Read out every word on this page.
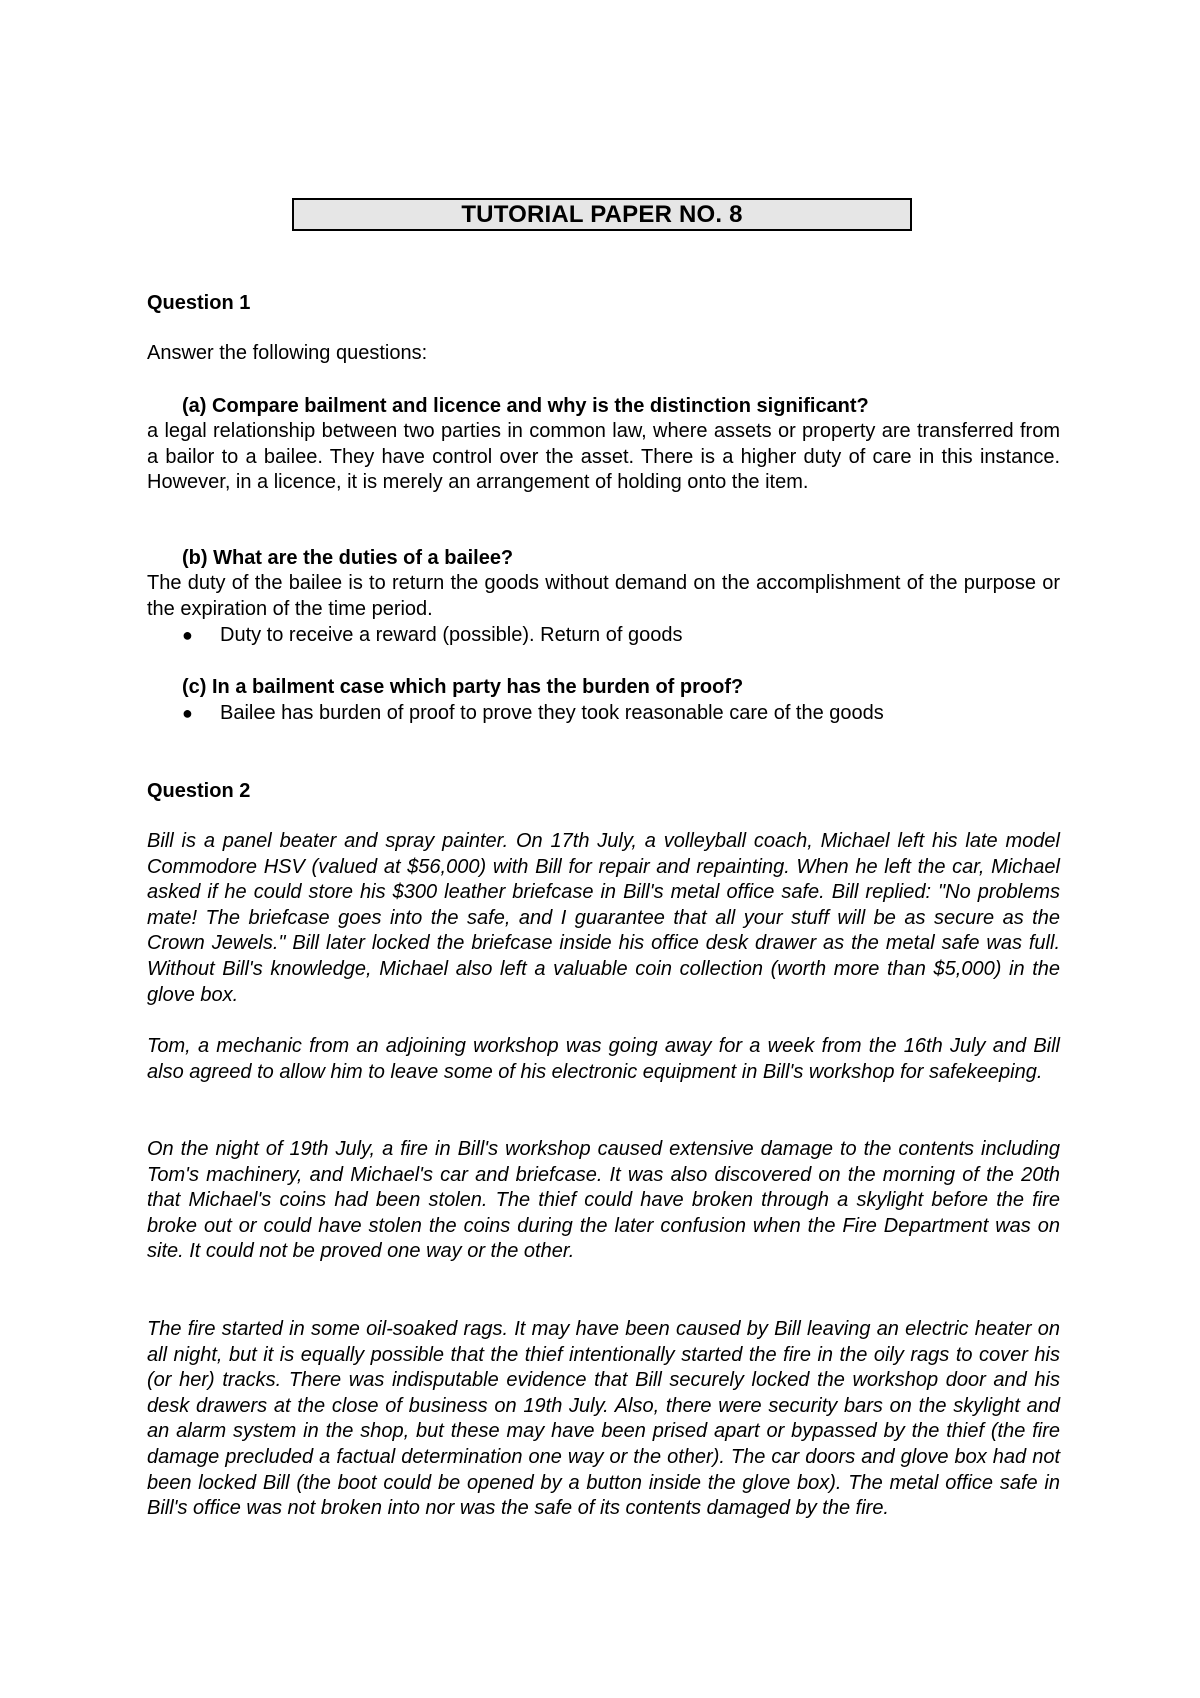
TUTORIAL PAPER NO. 8
Question 1
Answer the following questions:
(a) Compare bailment and licence and why is the distinction significant?

a legal relationship between two parties in common law, where assets or property are transferred from a bailor to a bailee. They have control over the asset. There is a higher duty of care in this instance. However, in a licence, it is merely an arrangement of holding onto the item.

(b) What are the duties of a bailee?

The duty of the bailee is to return the goods without demand on the accomplishment of the purpose or the expiration of the time period.

●	Duty to receive a reward (possible). Return of goods
(c) In a bailment case which party has the burden of proof?
●	Bailee has burden of proof to prove they took reasonable care of the goods
Question 2

Bill is a panel beater and spray painter. On 17th July, a volleyball coach, Michael left his late model Commodore HSV (valued at $56,000) with Bill for repair and repainting. When he left the car, Michael asked if he could store his $300 leather briefcase in Bill's metal office safe. Bill replied: "No problems mate! The briefcase goes into the safe, and I guarantee that all your stuff will be as secure as the Crown Jewels." Bill later locked the briefcase inside his office desk drawer as the metal safe was full. Without Bill's knowledge, Michael also left a valuable coin collection (worth more than $5,000) in the glove box.

Tom, a mechanic from an adjoining workshop was going away for a week from the 16th July and Bill also agreed to allow him to leave some of his electronic equipment in Bill's workshop for safekeeping.

On the night of 19th July, a fire in Bill's workshop caused extensive damage to the contents including Tom's machinery, and Michael's car and briefcase. It was also discovered on the morning of the 20th that Michael's coins had been stolen. The thief could have broken through a skylight before the fire broke out or could have stolen the coins during the later confusion when the Fire Department was on site. It could not be proved one way or the other.

The fire started in some oil-soaked rags. It may have been caused by Bill leaving an electric heater on all night, but it is equally possible that the thief intentionally started the fire in the oily rags to cover his (or her) tracks. There was indisputable evidence that Bill securely locked the workshop door and his desk drawers at the close of business on 19th July. Also, there were security bars on the skylight and an alarm system in the shop, but these may have been prised apart or bypassed by the thief (the fire damage precluded a factual determination one way or the other). The car doors and glove box had not been locked Bill (the boot could be opened by a button inside the glove box). The metal office safe in Bill's office was not broken into nor was the safe of its contents damaged by the fire.
